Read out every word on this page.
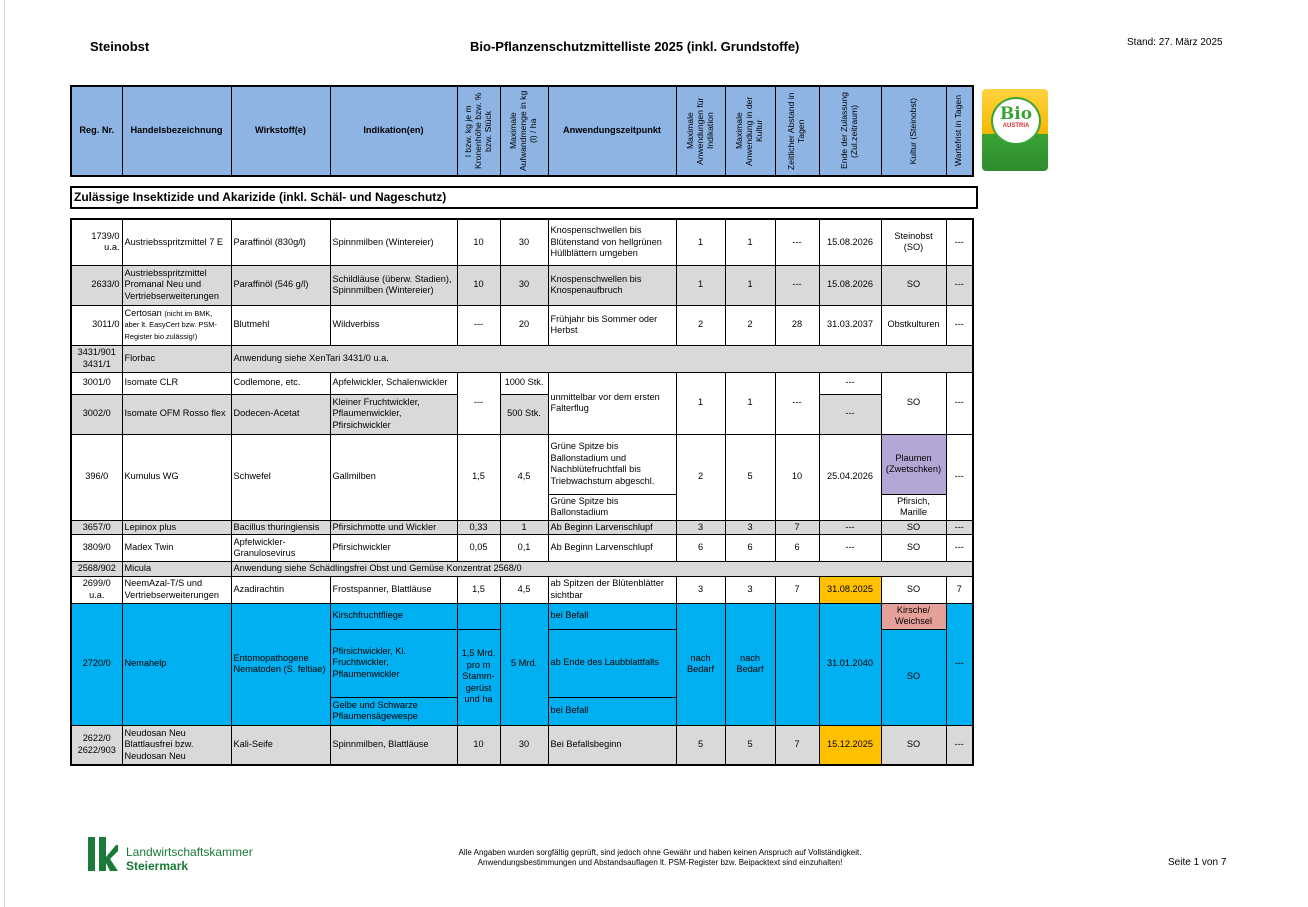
Steinobst	Bio-Pflanzenschutzmittelliste 2025 (inkl. Grundstoffe)	Stand: 27. März 2025
Reg. Nr.	Handelsbezeichnung	Wirkstoff(e)	Indikation(en)	l bzw. kg je m Kronenhöhe bzw. % bzw. Stück	Maximale Aufwandmenge in kg (l) / ha	Anwendungszeitpunkt	Maximale Anwendungen für Indikation	Maximale Anwendung in der Kultur	Zeitlicher Abstand in Tagen	Ende der Zulassung (Zul.zeitraum)	Kultur (Steinobst)	Wartefrist in Tagen	Bio
AUSTRIA
Zulässige Insektizide und Akarizide (inkl. Schäl- und Nageschutz)
1739/0 u.a.	Austriebsspritzmittel 7 E	Paraffinöl (830g/l)	Spinnmilben (Wintereier)	10	30	Knospenschwellen bis Blütenstand von hellgrünen Hüllblättern umgeben	1	1	---	15.08.2026	Steinobst (SO)	---
2633/0	Austriebsspritzmittel Promanal Neu und Vertriebserweiterungen	Paraffinöl (546 g/l)	Schildläuse (überw. Stadien), Spinnmilben (Wintereier)	10	30	Knospenschwellen bis Knospenaufbruch	1	1	---	15.08.2026	SO	---
3011/0	Certosan (nicht im BMK, aber lt. EasyCert bzw. PSM-Register bio zulässig!)	Blutmehl	Wildverbiss	---	20	Frühjahr bis Sommer oder Herbst	2	2	28	31.03.2037	Obstkulturen	---
3431/901 3431/1	Florbac	Anwendung siehe XenTari 3431/0 u.a.										
3001/0	Isomate CLR	Codlemone, etc.	Apfelwickler, Schalenwickler	---	1000 Stk.	unmittelbar vor dem ersten Falterflug	1	1	---	---	SO	---
3002/0	Isomate OFM Rosso flex	Dodecen-Acetat	Kleiner Fruchtwickler, Pflaumenwickler, Pfirsichwickler		500 Stk.					---		
396/0	Kumulus WG	Schwefel	Gallmilben	1,5	4,5	Grüne Spitze bis Ballonstadium und Nachblütefruchtfall bis Triebwachstum abgeschl.	2	5	10	25.04.2026	Plaumen (Zwetschken)	---
						Grüne Spitze bis Ballonstadium					Pfirsich, Marille	
3657/0	Lepinox plus	Bacillus thuringiensis	Pfirsichmotte und Wickler	0,33	1	Ab Beginn Larvenschlupf	3	3	7	---	SO	---
3809/0	Madex Twin	Apfelwickler-Granulosevirus	Pfirsichwickler	0,05	0,1	Ab Beginn Larvenschlupf	6	6	6	---	SO	---
2568/902	Micula	Anwendung siehe Schädlingsfrei Obst und Gemüse Konzentrat 2568/0										
2699/0 u.a.	NeemAzal-T/S und Vertriebserweiterungen	Azadirachtin	Frostspanner, Blattläuse	1,5	4,5	ab Spitzen der Blütenblätter sichtbar	3	3	7	31.08.2025	SO	7
2720/0	Nemahelp	Entomopathogene Nematoden (S. feltiae)	Kirschfruchtfliege		5 Mrd.	bei Befall	nach Bedarf	nach Bedarf		31.01.2040	Kirsche/ Weichsel	---
			Pfirsichwickler, Kl. Fruchtwickler, Pflaumenwickler	1,5 Mrd. pro m Stamm-gerüst und ha		ab Ende des Laubblattfalls					SO	
			Gelbe und Schwarze Pflaumensägewespe			bei Befall						
2622/0 2622/903	Neudosan Neu Blattlausfrei bzw. Neudosan Neu	Kali-Seife	Spinnmilben, Blattläuse	10	30	Bei Befallsbeginn	5	5	7	15.12.2025	SO	---
Landwirtschaftskammer
Steiermark
Alle Angaben wurden sorgfältig geprüft, sind jedoch ohne Gewähr und haben keinen Anspruch auf Vollständigkeit.
Anwendungsbestimmungen und Abstandsauflagen lt. PSM-Register bzw. Beipacktext sind einzuhalten!	Seite 1 von 7
